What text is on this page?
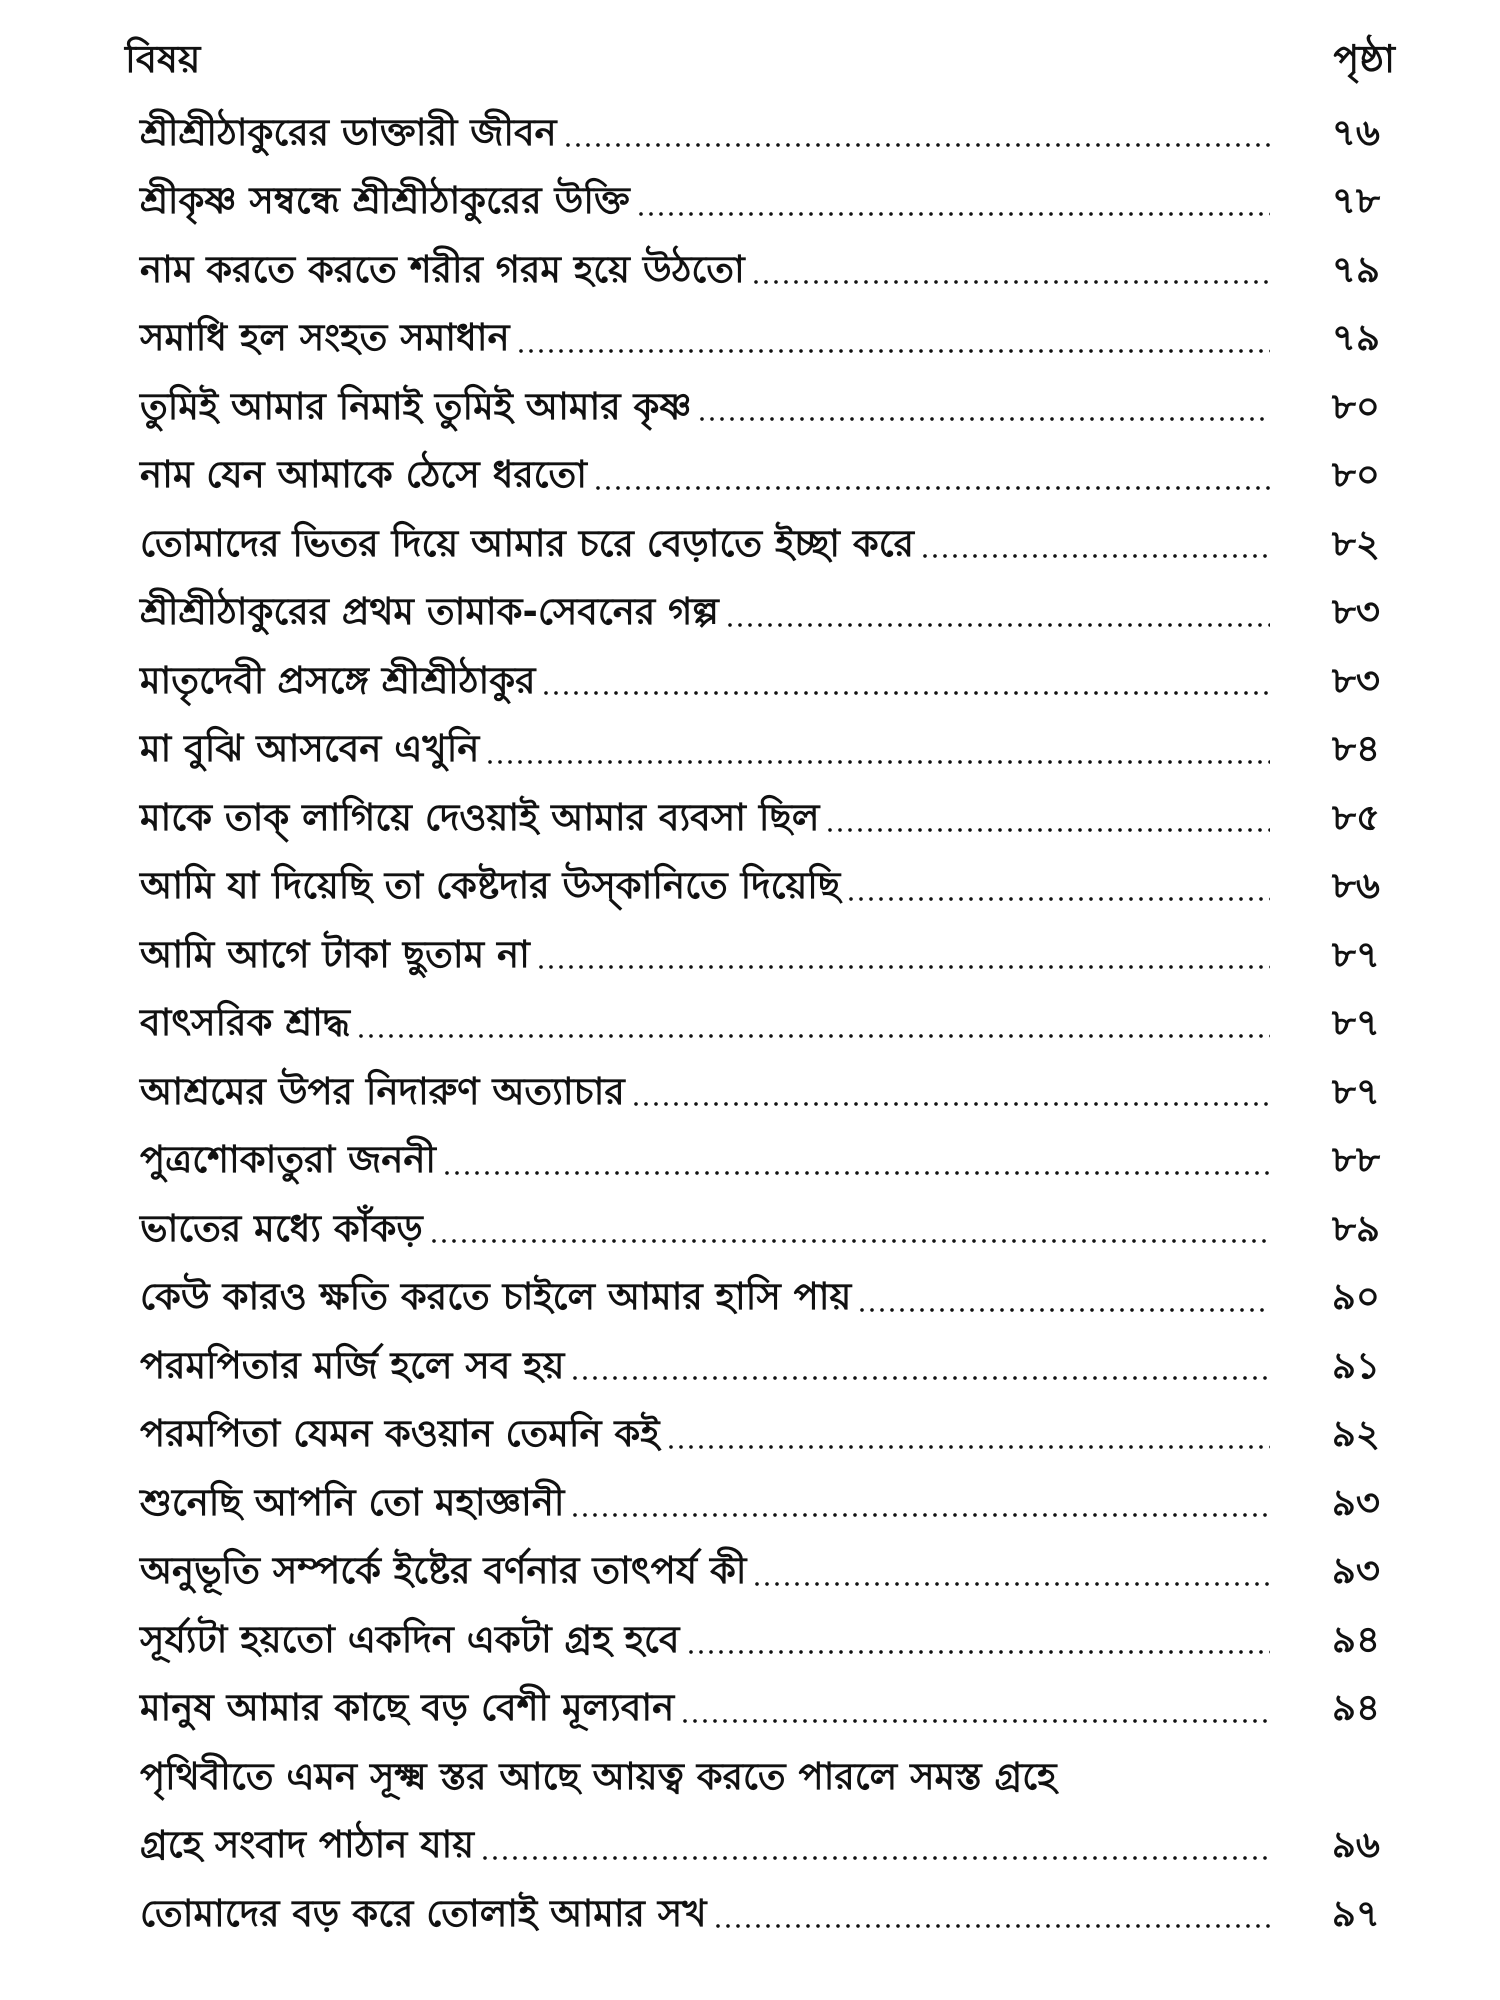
বিষয়	পৃষ্ঠা
শ্রীশ্রীঠাকুরের ডাক্তারী জীবন	৭৬
শ্রীকৃষ্ণ সম্বন্ধে শ্রীশ্রীঠাকুরের উক্তি	৭৮
নাম করতে করতে শরীর গরম হয়ে উঠতো	৭৯
সমাধি হল সংহত সমাধান	৭৯
তুমিই আমার নিমাই তুমিই আমার কৃষ্ণ	৮০
নাম যেন আমাকে ঠেসে ধরতো	৮০
তোমাদের ভিতর দিয়ে আমার চরে বেড়াতে ইচ্ছা করে	৮২
শ্রীশ্রীঠাকুরের প্রথম তামাক-সেবনের গল্প	৮৩
মাতৃদেবী প্রসঙ্গে শ্রীশ্রীঠাকুর	৮৩
মা বুঝি আসবেন এখুনি	৮৪
মাকে তাক্ লাগিয়ে দেওয়াই আমার ব্যবসা ছিল	৮৫
আমি যা দিয়েছি তা কেষ্টদার উস্‌কানিতে দিয়েছি	৮৬
আমি আগে টাকা ছুতাম না	৮৭
বাৎসরিক শ্রাদ্ধ	৮৭
আশ্রমের উপর নিদারুণ অত্যাচার	৮৭
পুত্রশোকাতুরা জননী	৮৮
ভাতের মধ্যে কাঁকড়	৮৯
কেউ কারও ক্ষতি করতে চাইলে আমার হাসি পায়	৯০
পরমপিতার মর্জি হলে সব হয়	৯১
পরমপিতা যেমন কওয়ান তেমনি কই	৯২
শুনেছি আপনি তো মহাজ্ঞানী	৯৩
অনুভূতি সম্পর্কে ইষ্টের বর্ণনার তাৎপর্য কী	৯৩
সূর্য্যটা হয়তো একদিন একটা গ্রহ হবে	৯৪
মানুষ আমার কাছে বড় বেশী মূল্যবান	৯৪
পৃথিবীতে এমন সূক্ষ্ম স্তর আছে আয়ত্ব করতে পারলে সমস্ত গ্রহে
গ্রহে সংবাদ পাঠান যায়	৯৬
তোমাদের বড় করে তোলাই আমার সখ	৯৭
